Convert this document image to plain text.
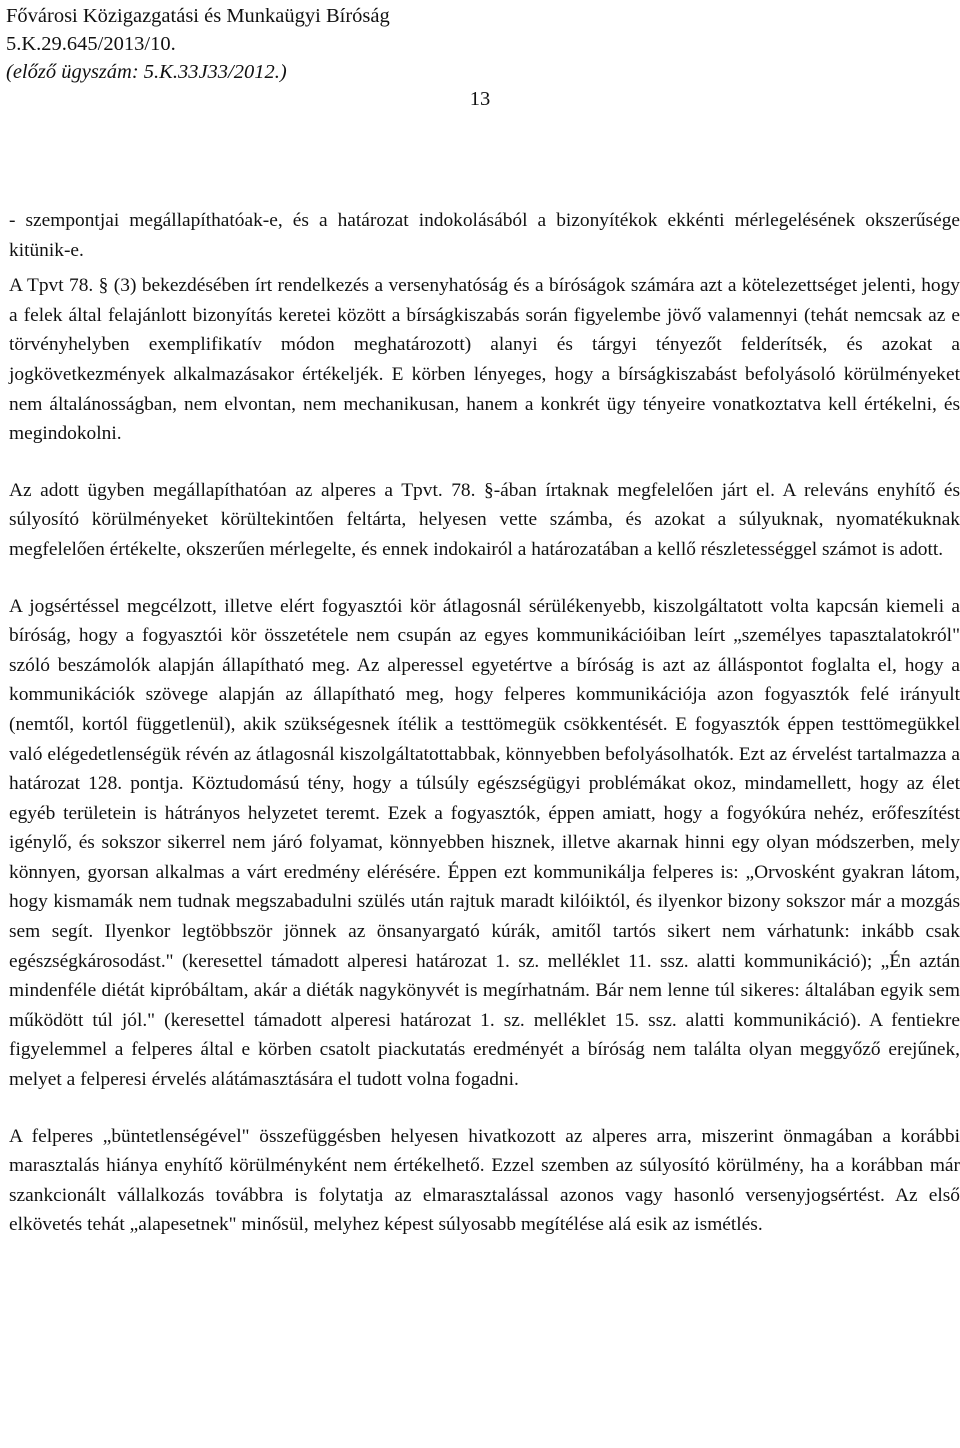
Fővárosi Közigazgatási és Munkaügyi Bíróság
5.K.29.645/2013/10.
(előző ügyszám: 5.K.33J33/2012.)
13

- szempontjai megállapíthatóak-e, és a határozat indokolásából a bizonyítékok ekkénti mérlegelésének okszerűsége kitünik-e.

A Tpvt 78. § (3) bekezdésében írt rendelkezés a versenyhatóság és a bíróságok számára azt a kötelezettséget jelenti, hogy a felek által felajánlott bizonyítás keretei között a bírságkiszabás során figyelembe jövő valamennyi (tehát nemcsak az e törvényhelyben exemplifikatív módon meghatározott) alanyi és tárgyi tényezőt felderítsék, és azokat a jogkövetkezmények alkalmazásakor értékeljék. E körben lényeges, hogy a bírságkiszabást befolyásoló körülményeket nem általánosságban, nem elvontan, nem mechanikusan, hanem a konkrét ügy tényeire vonatkoztatva kell értékelni, és megindokolni.

Az adott ügyben megállapíthatóan az alperes a Tpvt. 78. §-ában írtaknak megfelelően járt el. A releváns enyhítő és súlyosító körülményeket körültekintően feltárta, helyesen vette számba, és azokat a súlyuknak, nyomatékuknak megfelelően értékelte, okszerűen mérlegelte, és ennek indokairól a határozatában a kellő részletességgel számot is adott.

A jogsértéssel megcélzott, illetve elért fogyasztói kör átlagosnál sérülékenyebb, kiszolgáltatott volta kapcsán kiemeli a bíróság, hogy a fogyasztói kör összetétele nem csupán az egyes kommunikációiban leírt „személyes tapasztalatokról" szóló beszámolók alapján állapítható meg. Az alperessel egyetértve a bíróság is azt az álláspontot foglalta el, hogy a kommunikációk szövege alapján az állapítható meg, hogy felperes kommunikációja azon fogyasztók felé irányult (nemtől, kortól függetlenül), akik szükségesnek ítélik a testtömegük csökkentését. E fogyasztók éppen testtömegükkel való elégedetlenségük révén az átlagosnál kiszolgáltatottabbak, könnyebben befolyásolhatók. Ezt az érvelést tartalmazza a határozat 128. pontja. Köztudomású tény, hogy a túlsúly egészségügyi problémákat okoz, mindamellett, hogy az élet egyéb területein is hátrányos helyzetet teremt. Ezek a fogyasztók, éppen amiatt, hogy a fogyókúra nehéz, erőfeszítést igénylő, és sokszor sikerrel nem járó folyamat, könnyebben hisznek, illetve akarnak hinni egy olyan módszerben, mely könnyen, gyorsan alkalmas a várt eredmény elérésére. Éppen ezt kommunikálja felperes is: „Orvosként gyakran látom, hogy kismamák nem tudnak megszabadulni szülés után rajtuk maradt kilóiktól, és ilyenkor bizony sokszor már a mozgás sem segít. Ilyenkor legtöbbször jönnek az önsanyargató kúrák, amitől tartós sikert nem várhatunk: inkább csak egészségkárosodást." (keresettel támadott alperesi határozat 1. sz. melléklet 11. ssz. alatti kommunikáció); „Én aztán mindenféle diétát kipróbáltam, akár a diéták nagykönyvét is megírhatnám. Bár nem lenne túl sikeres: általában egyik sem működött túl jól." (keresettel támadott alperesi határozat 1. sz. melléklet 15. ssz. alatti kommunikáció). A fentiekre figyelemmel a felperes által e körben csatolt piackutatás eredményét a bíróság nem találta olyan meggyőző erejűnek, melyet a felperesi érvelés alátámasztására el tudott volna fogadni.

A felperes „büntetlenségével" összefüggésben helyesen hivatkozott az alperes arra, miszerint önmagában a korábbi marasztalás hiánya enyhítő körülményként nem értékelhető. Ezzel szemben az súlyosító körülmény, ha a korábban már szankcionált vállalkozás továbbra is folytatja az elmarasztalással azonos vagy hasonló versenyjogsértést. Az első elkövetés tehát „alapesetnek" minősül, melyhez képest súlyosabb megítélése alá esik az ismétlés.
